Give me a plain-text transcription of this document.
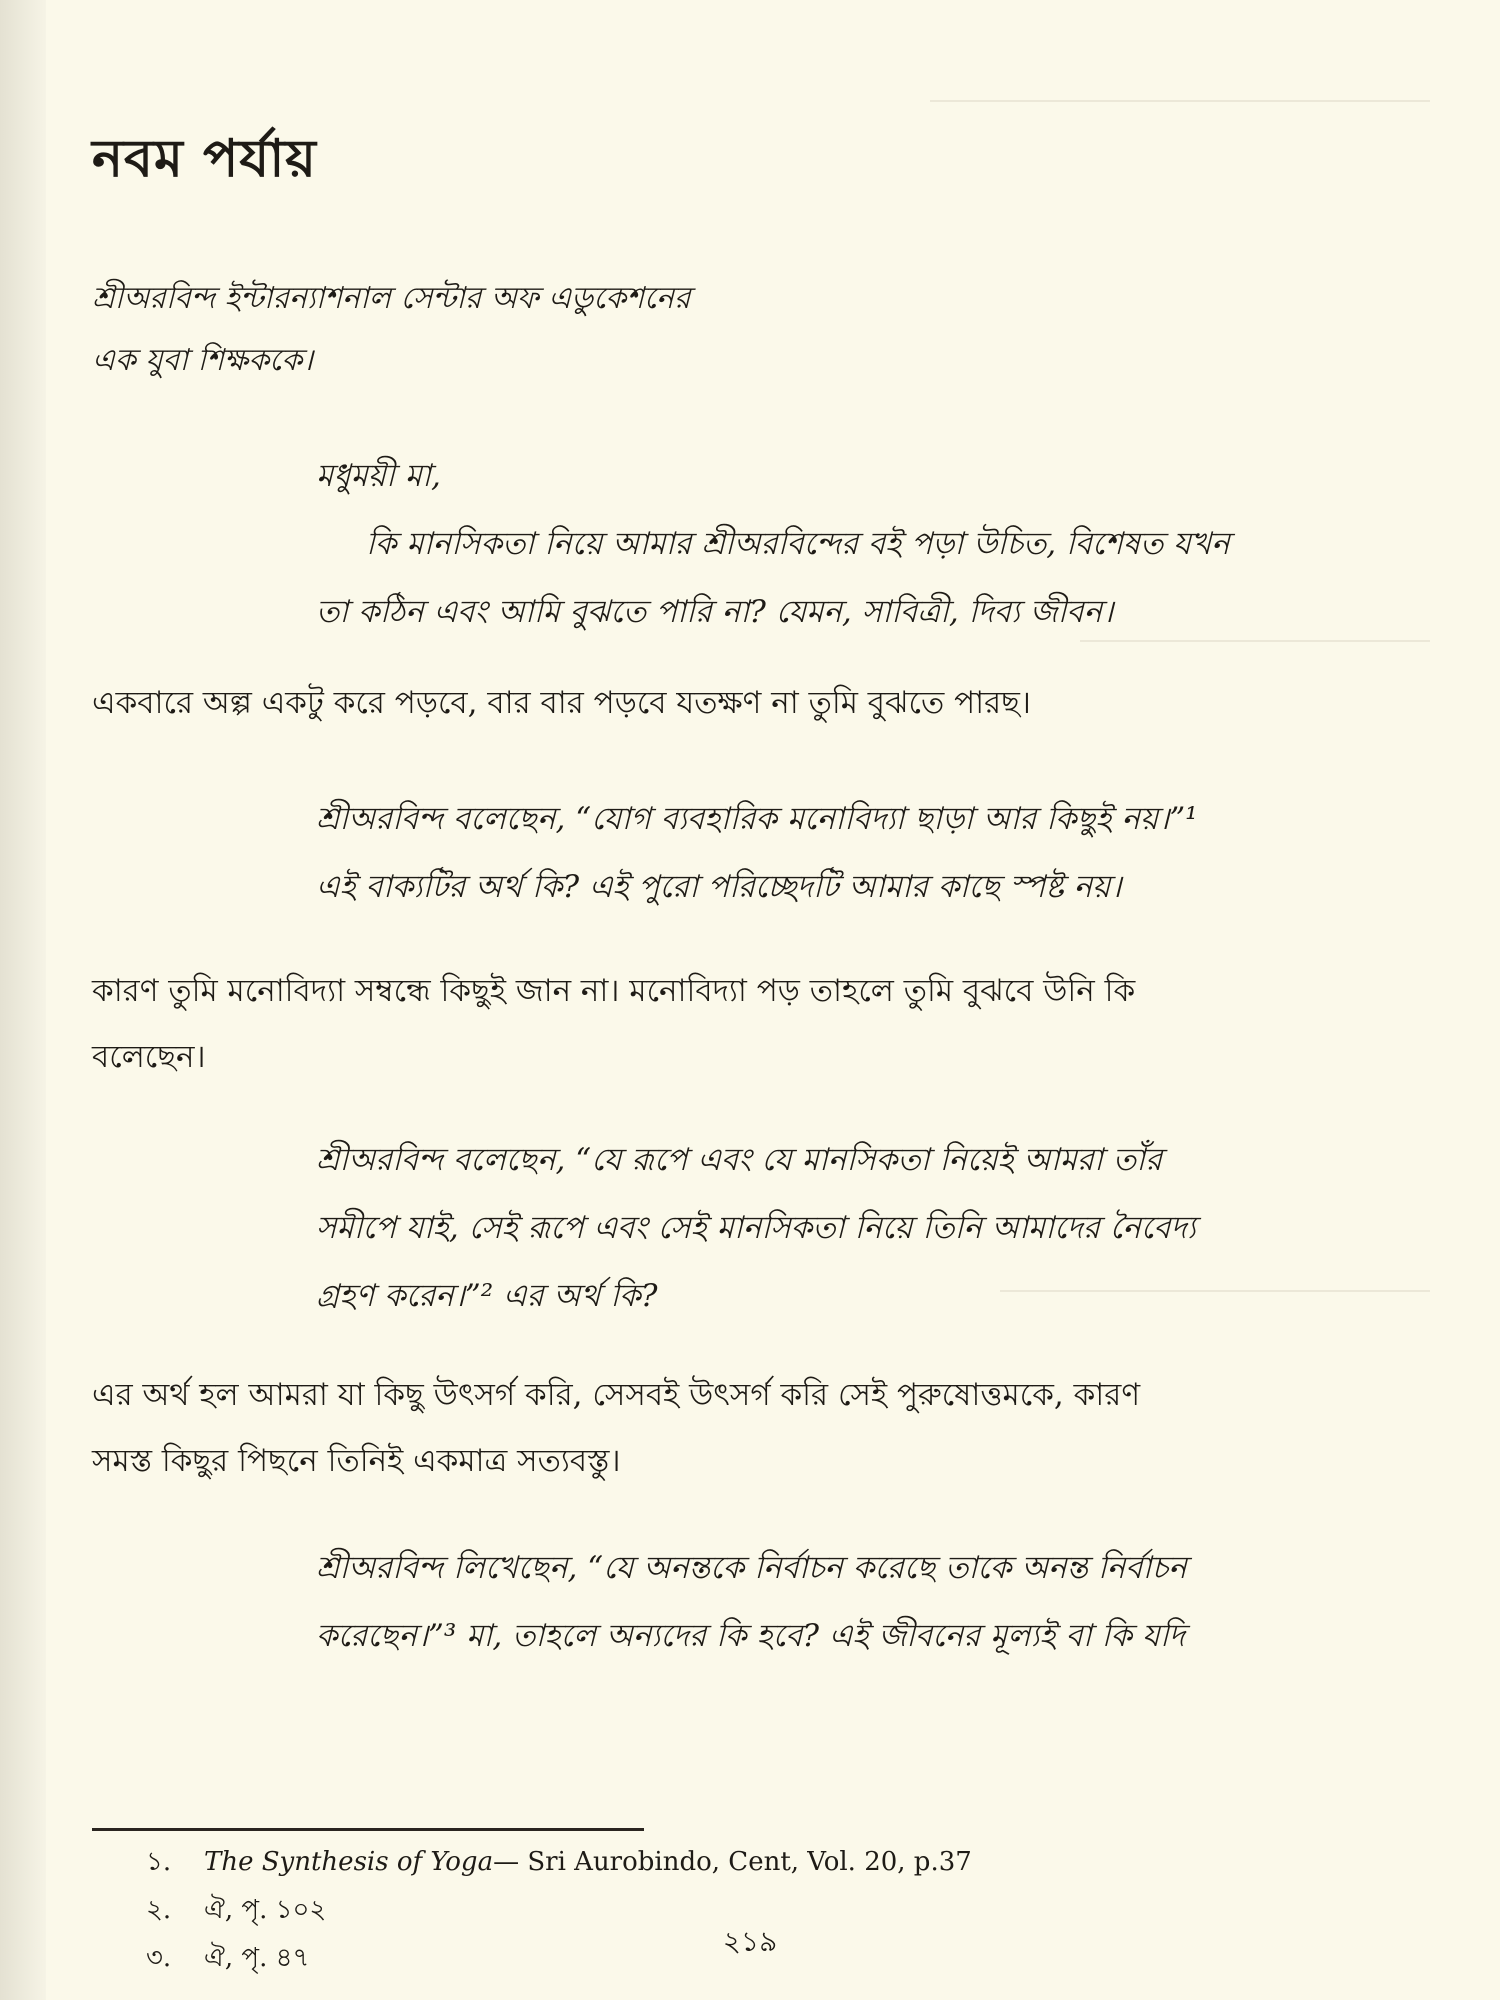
নবম পর্যায়
শ্রীঅরবিন্দ ইন্টারন্যাশনাল সেন্টার অফ এডুকেশনের
এক যুবা শিক্ষককে।
মধুময়ী মা,
কি মানসিকতা নিয়ে আমার শ্রীঅরবিন্দের বই পড়া উচিত, বিশেষত যখন
তা কঠিন এবং আমি বুঝতে পারি না? যেমন, সাবিত্রী, দিব্য জীবন।
একবারে অল্প একটু করে পড়বে, বার বার পড়বে যতক্ষণ না তুমি বুঝতে পারছ।
শ্রীঅরবিন্দ বলেছেন, “যোগ ব্যবহারিক মনোবিদ্যা ছাড়া আর কিছুই নয়।”¹
এই বাক্যটির অর্থ কি? এই পুরো পরিচ্ছেদটি আমার কাছে স্পষ্ট নয়।
কারণ তুমি মনোবিদ্যা সম্বন্ধে কিছুই জান না। মনোবিদ্যা পড় তাহলে তুমি বুঝবে উনি কি
বলেছেন।
শ্রীঅরবিন্দ বলেছেন, “যে রূপে এবং যে মানসিকতা নিয়েই আমরা তাঁর
সমীপে যাই, সেই রূপে এবং সেই মানসিকতা নিয়ে তিনি আমাদের নৈবেদ্য
গ্রহণ করেন।”² এর অর্থ কি?
এর অর্থ হল আমরা যা কিছু উৎসর্গ করি, সেসবই উৎসর্গ করি সেই পুরুষোত্তমকে, কারণ
সমস্ত কিছুর পিছনে তিনিই একমাত্র সত্যবস্তু।
শ্রীঅরবিন্দ লিখেছেন, “যে অনন্তকে নির্বাচন করেছে তাকে অনন্ত নির্বাচন
করেছেন।”³ মা, তাহলে অন্যদের কি হবে? এই জীবনের মূল্যই বা কি যদি
১. The Synthesis of Yoga— Sri Aurobindo, Cent, Vol. 20, p.37
২. ঐ, পৃ. ১০২
৩. ঐ, পৃ. ৪৭	২১৯
